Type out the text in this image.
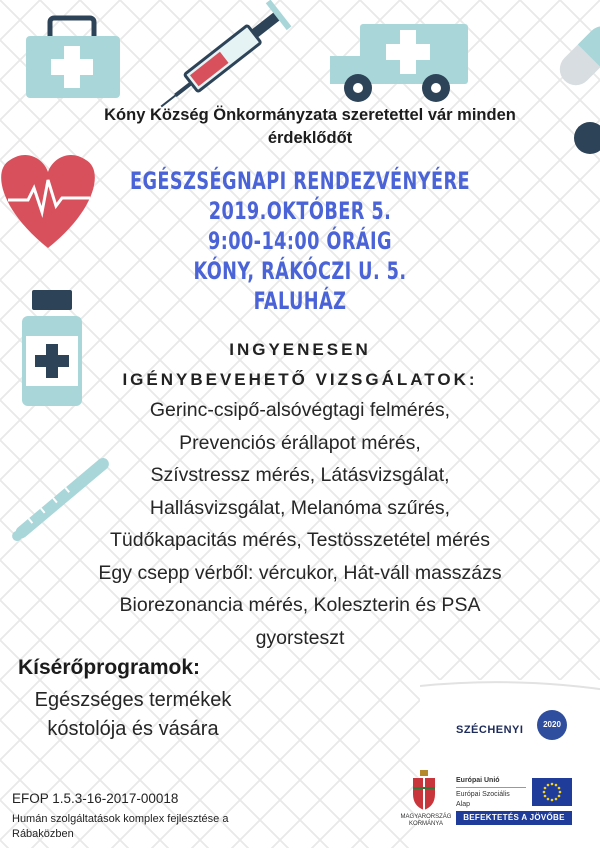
Kóny Község Önkormányzata szeretettel vár minden
érdeklődőt
EGÉSZSÉGNAPI RENDEZVÉNYÉRE
2019.OKTÓBER 5.
9:00-14:00 ÓRÁIG
KÓNY, RÁKÓCZI U. 5.
FALUHÁZ
INGYENESEN
IGÉNYBEVEHETŐ VIZSGÁLATOK:
Gerinc-csipő-alsóvégtagi felmérés,
Prevenciós érállapot mérés,
Szívstressz mérés, Látásvizsgálat,
Hallásvizsgálat, Melanóma szűrés,
Tüdőkapacitás mérés, Testösszetétel mérés
Egy csepp vérből: vércukor, Hát-váll masszázs
Biorezonancia mérés, Koleszterin és PSA
gyorsteszt
Kísérőprogramok:
Egészséges termékek
kóstolója és vására
EFOP 1.5.3-16-2017-00018
Humán szolgáltatások komplex fejlesztése a
Rábaközben
SZÉCHENYI	2020
MAGYARORSZÁG
KORMÁNYA
Európai Unió
Európai Szociális
Alap
BEFEKTETÉS A JÖVŐBE
